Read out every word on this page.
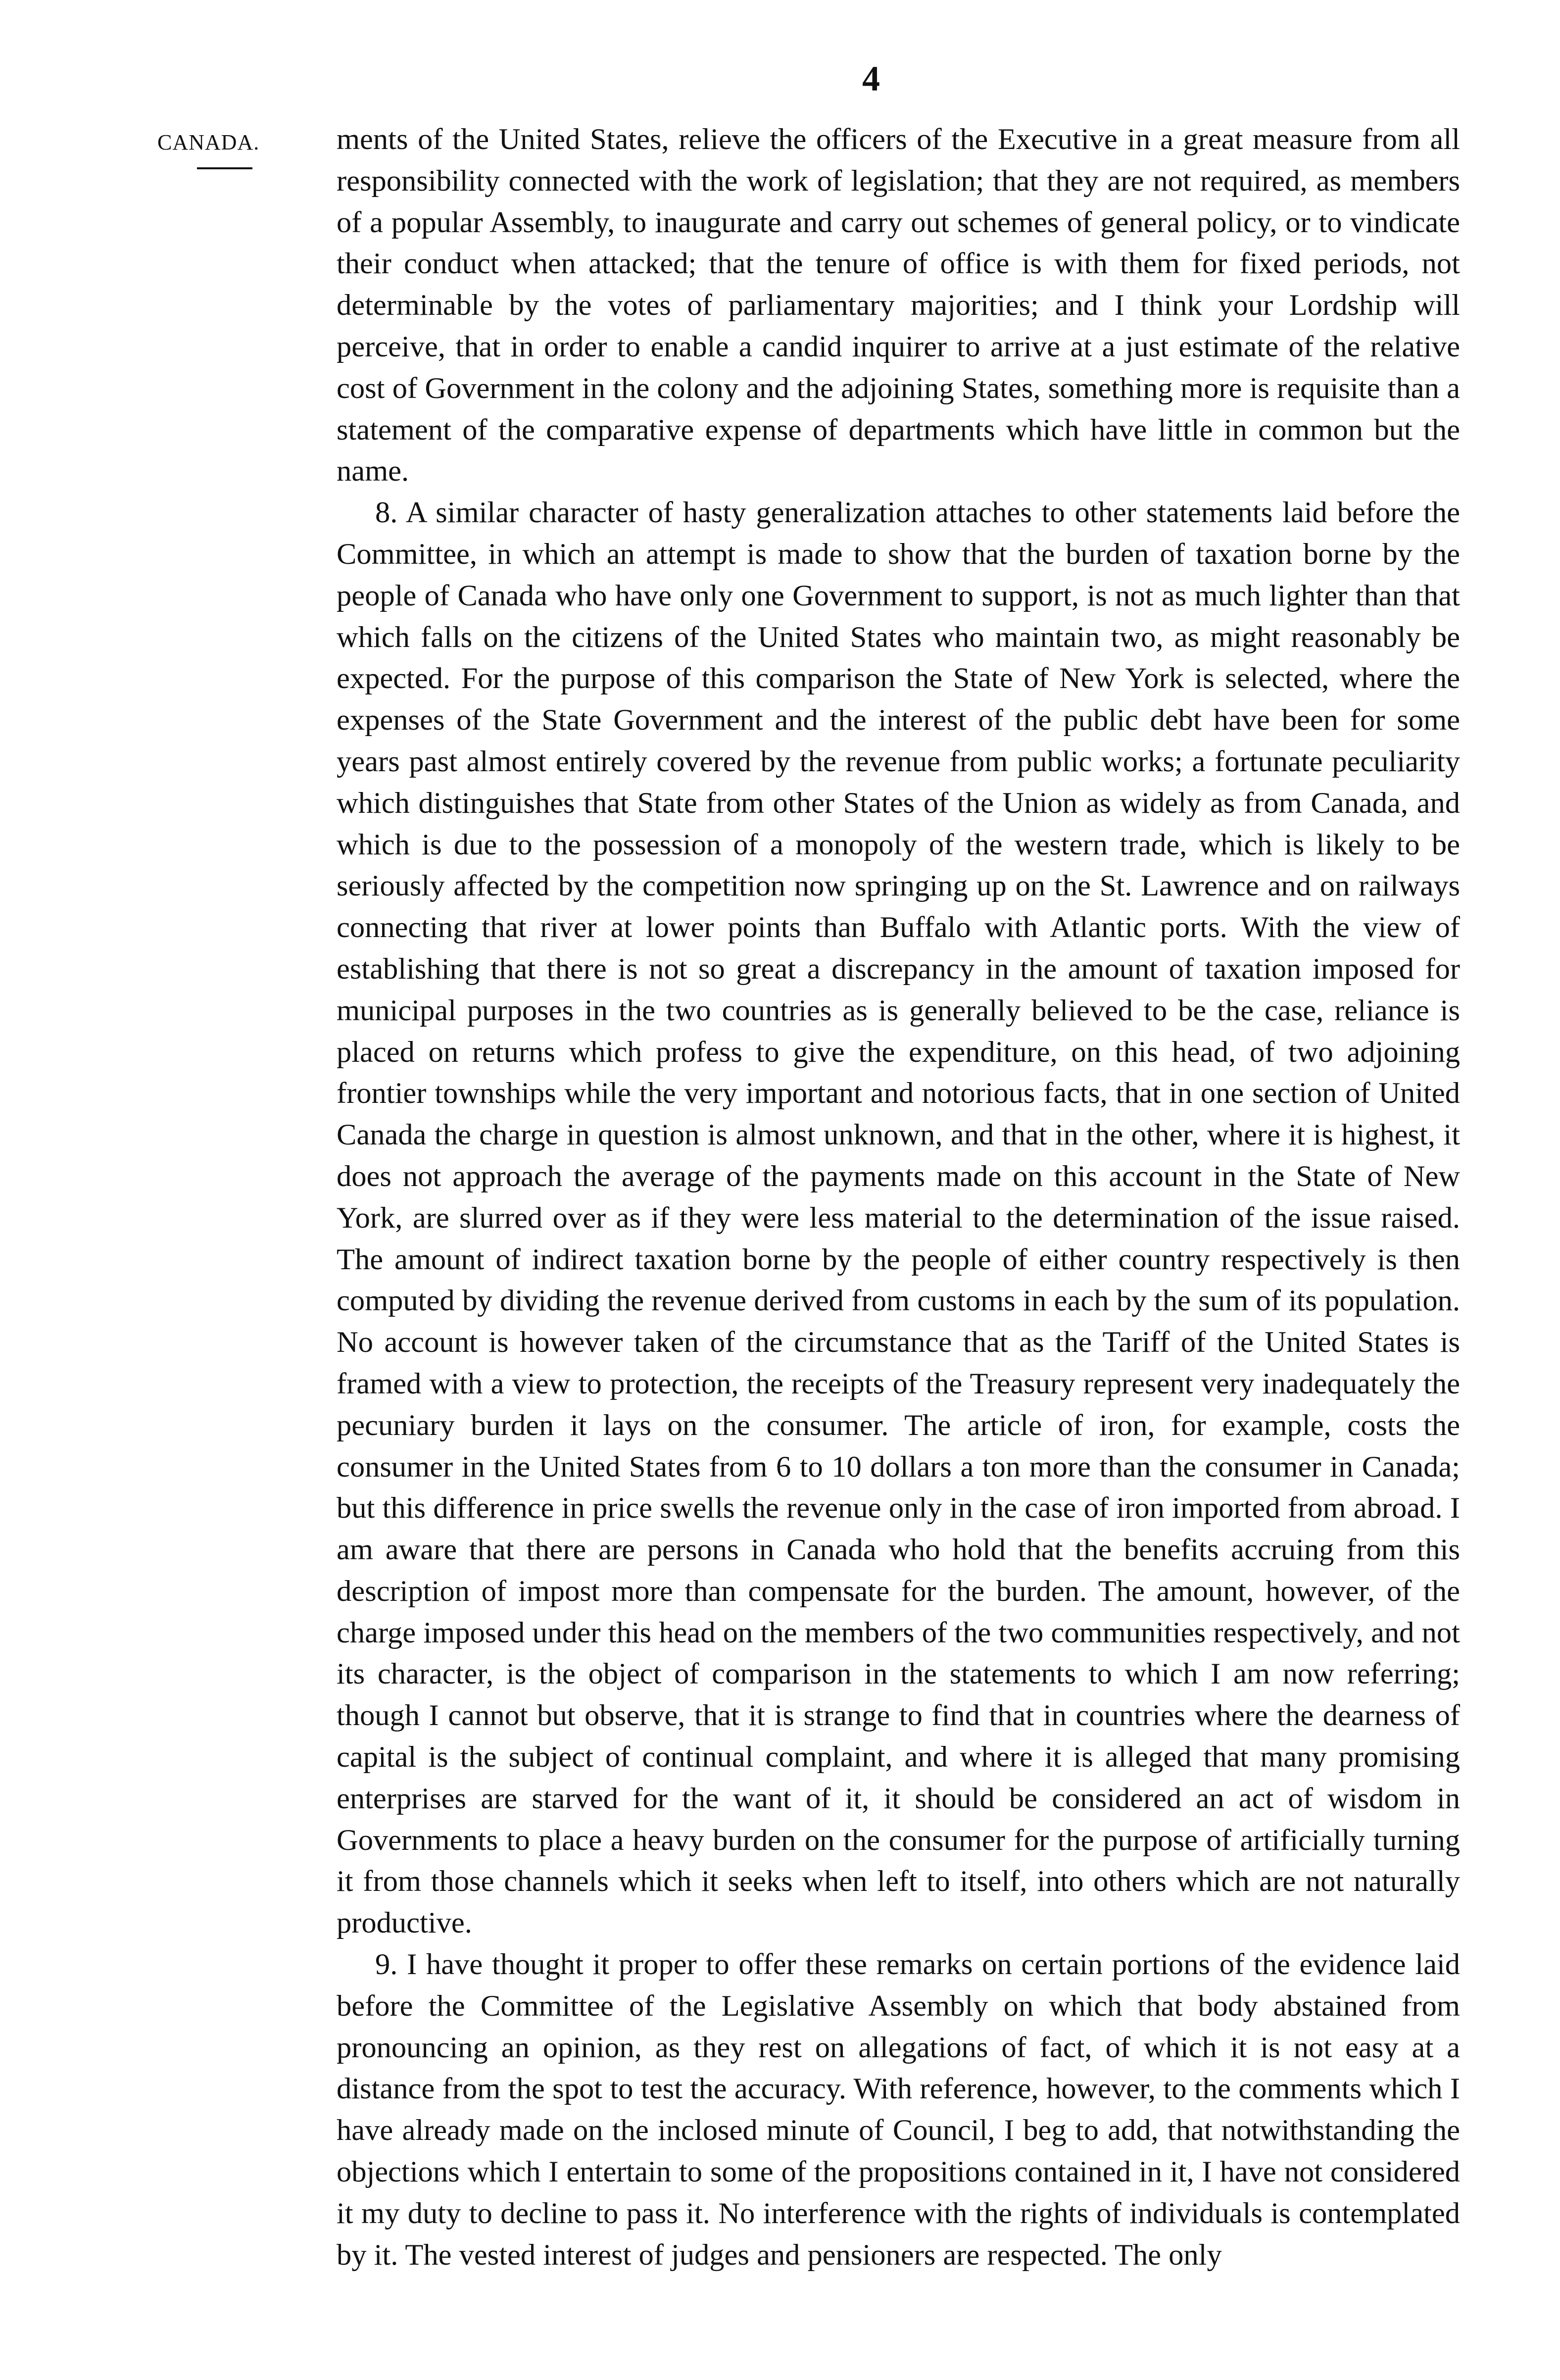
4
CANADA.	ments of the United States, relieve the officers of the Executive in a great measure from all responsibility connected with the work of legislation; that they are not required, as members of a popular Assembly, to inaugurate and carry out schemes of general policy, or to vindicate their conduct when attacked; that the tenure of office is with them for fixed periods, not determinable by the votes of parliamentary majorities; and I think your Lordship will perceive, that in order to enable a candid inquirer to arrive at a just estimate of the relative cost of Government in the colony and the adjoining States, something more is requisite than a statement of the comparative expense of departments which have little in common but the name.

8. A similar character of hasty generalization attaches to other statements laid before the Committee, in which an attempt is made to show that the burden of taxation borne by the people of Canada who have only one Government to support, is not as much lighter than that which falls on the citizens of the United States who maintain two, as might reasonably be expected. For the purpose of this comparison the State of New York is selected, where the expenses of the State Government and the interest of the public debt have been for some years past almost entirely covered by the revenue from public works; a fortunate peculiarity which distinguishes that State from other States of the Union as widely as from Canada, and which is due to the possession of a monopoly of the western trade, which is likely to be seriously affected by the competition now springing up on the St. Lawrence and on railways connecting that river at lower points than Buffalo with Atlantic ports. With the view of establishing that there is not so great a discrepancy in the amount of taxation imposed for municipal purposes in the two countries as is generally believed to be the case, reliance is placed on returns which profess to give the expenditure, on this head, of two adjoining frontier townships while the very important and notorious facts, that in one section of United Canada the charge in question is almost unknown, and that in the other, where it is highest, it does not approach the average of the payments made on this account in the State of New York, are slurred over as if they were less material to the determination of the issue raised. The amount of indirect taxation borne by the people of either country respectively is then computed by dividing the revenue derived from customs in each by the sum of its population. No account is however taken of the circumstance that as the Tariff of the United States is framed with a view to protection, the receipts of the Treasury represent very inadequately the pecuniary burden it lays on the consumer. The article of iron, for example, costs the consumer in the United States from 6 to 10 dollars a ton more than the consumer in Canada; but this difference in price swells the revenue only in the case of iron imported from abroad. I am aware that there are persons in Canada who hold that the benefits accruing from this description of impost more than compensate for the burden. The amount, however, of the charge imposed under this head on the members of the two communities respectively, and not its character, is the object of comparison in the statements to which I am now referring; though I cannot but observe, that it is strange to find that in countries where the dearness of capital is the subject of continual complaint, and where it is alleged that many promising enterprises are starved for the want of it, it should be considered an act of wisdom in Governments to place a heavy burden on the consumer for the purpose of artificially turning it from those channels which it seeks when left to itself, into others which are not naturally productive.

9. I have thought it proper to offer these remarks on certain portions of the evidence laid before the Committee of the Legislative Assembly on which that body abstained from pronouncing an opinion, as they rest on allegations of fact, of which it is not easy at a distance from the spot to test the accuracy. With reference, however, to the comments which I have already made on the inclosed minute of Council, I beg to add, that notwithstanding the objections which I entertain to some of the propositions contained in it, I have not considered it my duty to decline to pass it. No interference with the rights of individuals is contemplated by it. The vested interest of judges and pensioners are respected. The only
